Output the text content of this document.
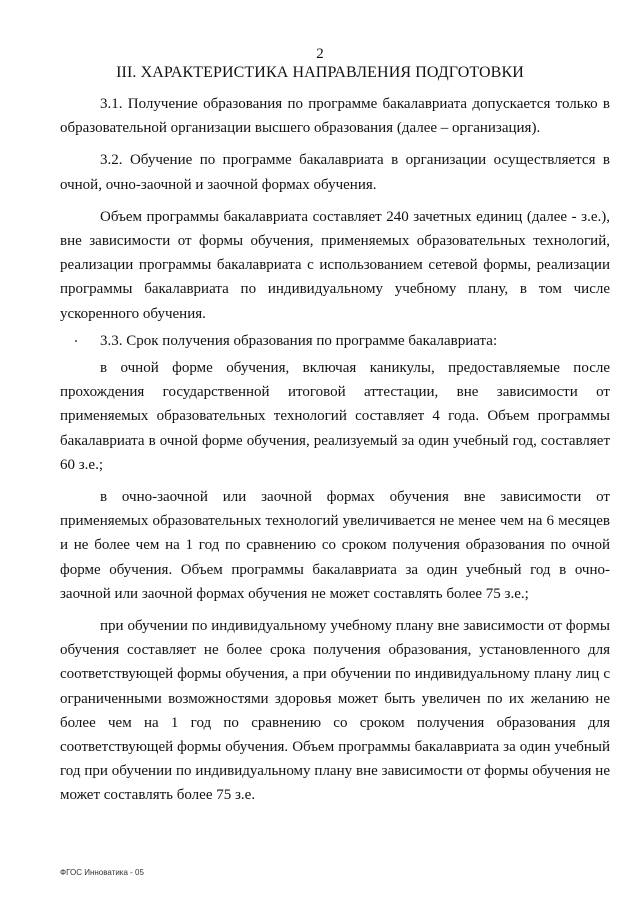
2
III. ХАРАКТЕРИСТИКА НАПРАВЛЕНИЯ ПОДГОТОВКИ

3.1. Получение образования по программе бакалавриата допускается только в образовательной организации высшего образования (далее – организация).

3.2. Обучение по программе бакалавриата в организации осуществляется в очной, очно-заочной и заочной формах обучения.

Объем программы бакалавриата составляет 240 зачетных единиц (далее - з.е.), вне зависимости от формы обучения, применяемых образовательных технологий, реализации программы бакалавриата с использованием сетевой формы, реализации программы бакалавриата по индивидуальному учебному плану, в том числе ускоренного обучения.

3.3. Срок получения образования по программе бакалавриата:

в очной форме обучения, включая каникулы, предоставляемые после прохождения государственной итоговой аттестации, вне зависимости от применяемых образовательных технологий составляет 4 года. Объем программы бакалавриата в очной форме обучения, реализуемый за один учебный год, составляет 60 з.е.;

в очно-заочной или заочной формах обучения вне зависимости от применяемых образовательных технологий увеличивается не менее чем на 6 месяцев и не более чем на 1 год по сравнению со сроком получения образования по очной форме обучения. Объем программы бакалавриата за один учебный год в очно-заочной или заочной формах обучения не может составлять более 75 з.е.;

при обучении по индивидуальному учебному плану вне зависимости от формы обучения составляет не более срока получения образования, установленного для соответствующей формы обучения, а при обучении по индивидуальному плану лиц с ограниченными возможностями здоровья может быть увеличен по их желанию не более чем на 1 год по сравнению со сроком получения образования для соответствующей формы обучения. Объем программы бакалавриата за один учебный год при обучении по индивидуальному плану вне зависимости от формы обучения не может составлять более 75 з.е.

ФГОС Инноватика - 05
